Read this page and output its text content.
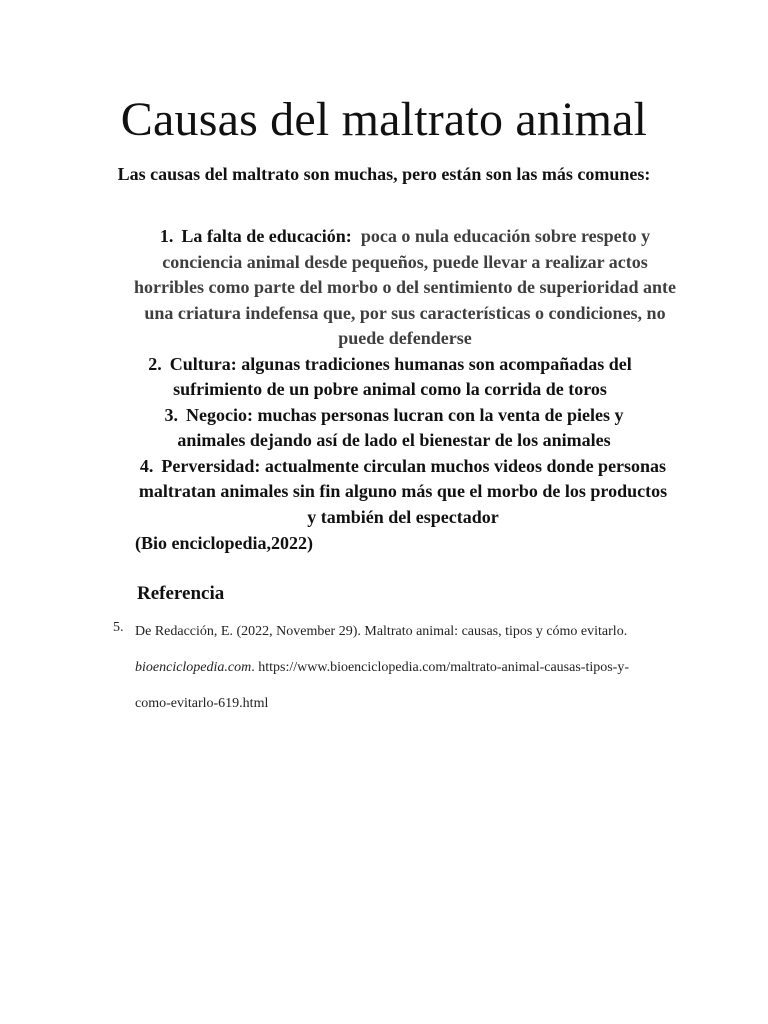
Causas del maltrato animal

Las causas del maltrato son muchas, pero están son las más comunes:

1. La falta de educación: poca o nula educación sobre respeto y conciencia animal desde pequeños, puede llevar a realizar actos horribles como parte del morbo o del sentimiento de superioridad ante una criatura indefensa que, por sus características o condiciones, no puede defenderse
2. Cultura: algunas tradiciones humanas son acompañadas del sufrimiento de un pobre animal como la corrida de toros
3. Negocio: muchas personas lucran con la venta de pieles y animales dejando así de lado el bienestar de los animales
4. Perversidad: actualmente circulan muchos videos donde personas maltratan animales sin fin alguno más que el morbo de los productos y también del espectador

(Bio enciclopedia,2022)

Referencia
5. De Redacción, E. (2022, November 29). Maltrato animal: causas, tipos y cómo evitarlo.
bioenciclopedia.com. https://www.bioenciclopedia.com/maltrato-animal-causas-tipos-y-
como-evitarlo-619.html
